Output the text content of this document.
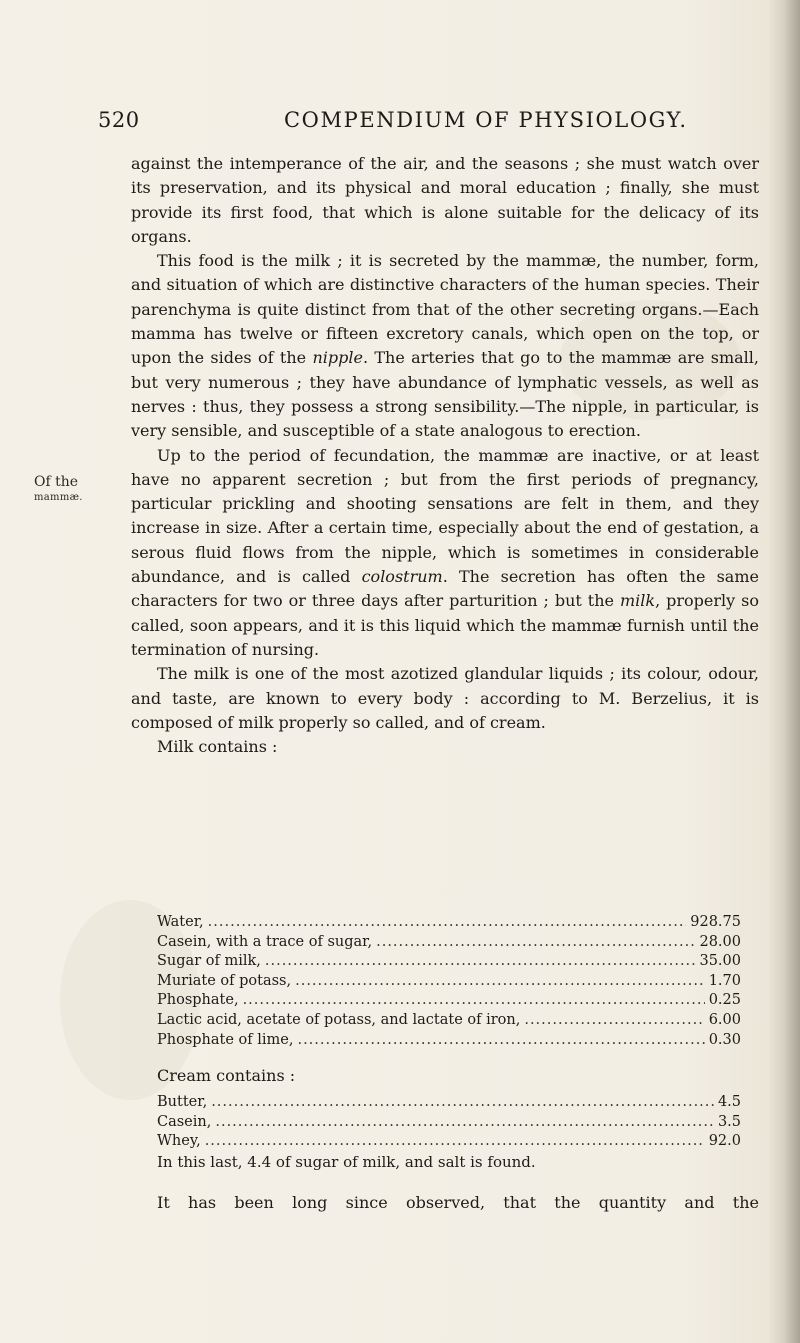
520	COMPENDIUM OF PHYSIOLOGY.
Of the
mammæ.

against the intemperance of the air, and the seasons ; she must watch over its preservation, and its physical and moral education ; finally, she must provide its first food, that which is alone suitable for the delicacy of its organs.

This food is the milk ; it is secreted by the mammæ, the number, form, and situation of which are distinctive characters of the human species. Their parenchyma is quite distinct from that of the other secreting organs.—Each mamma has twelve or fifteen excretory canals, which open on the top, or upon the sides of the nipple. The arteries that go to the mammæ are small, but very numerous ; they have abundance of lymphatic vessels, as well as nerves : thus, they possess a strong sensibility.—The nipple, in particular, is very sensible, and susceptible of a state analogous to erection.

Up to the period of fecundation, the mammæ are inactive, or at least have no apparent secretion ; but from the first periods of pregnancy, particular prickling and shooting sensations are felt in them, and they increase in size. After a certain time, especially about the end of gestation, a serous fluid flows from the nipple, which is sometimes in considerable abundance, and is called colostrum. The secretion has often the same characters for two or three days after parturition ; but the milk, properly so called, soon appears, and it is this liquid which the mammæ furnish until the termination of nursing.

The milk is one of the most azotized glandular liquids ; its colour, odour, and taste, are known to every body : according to M. Berzelius, it is composed of milk properly so called, and of cream.

Milk contains :

Water, .....	928.75
Casein, with a trace of sugar, .....	28.00
Sugar of milk, .....	35.00
Muriate of potass, .....	1.70
Phosphate, .....	0.25
Lactic acid, acetate of potass, and lactate of iron, .....	6.00
Phosphate of lime, .....	0.30
Cream contains :
Butter, .....	4.5
Casein, .....	3.5
Whey, .....	92.0
In this last, 4.4 of sugar of milk, and salt is found.
It has been long since observed, that the quantity and the
